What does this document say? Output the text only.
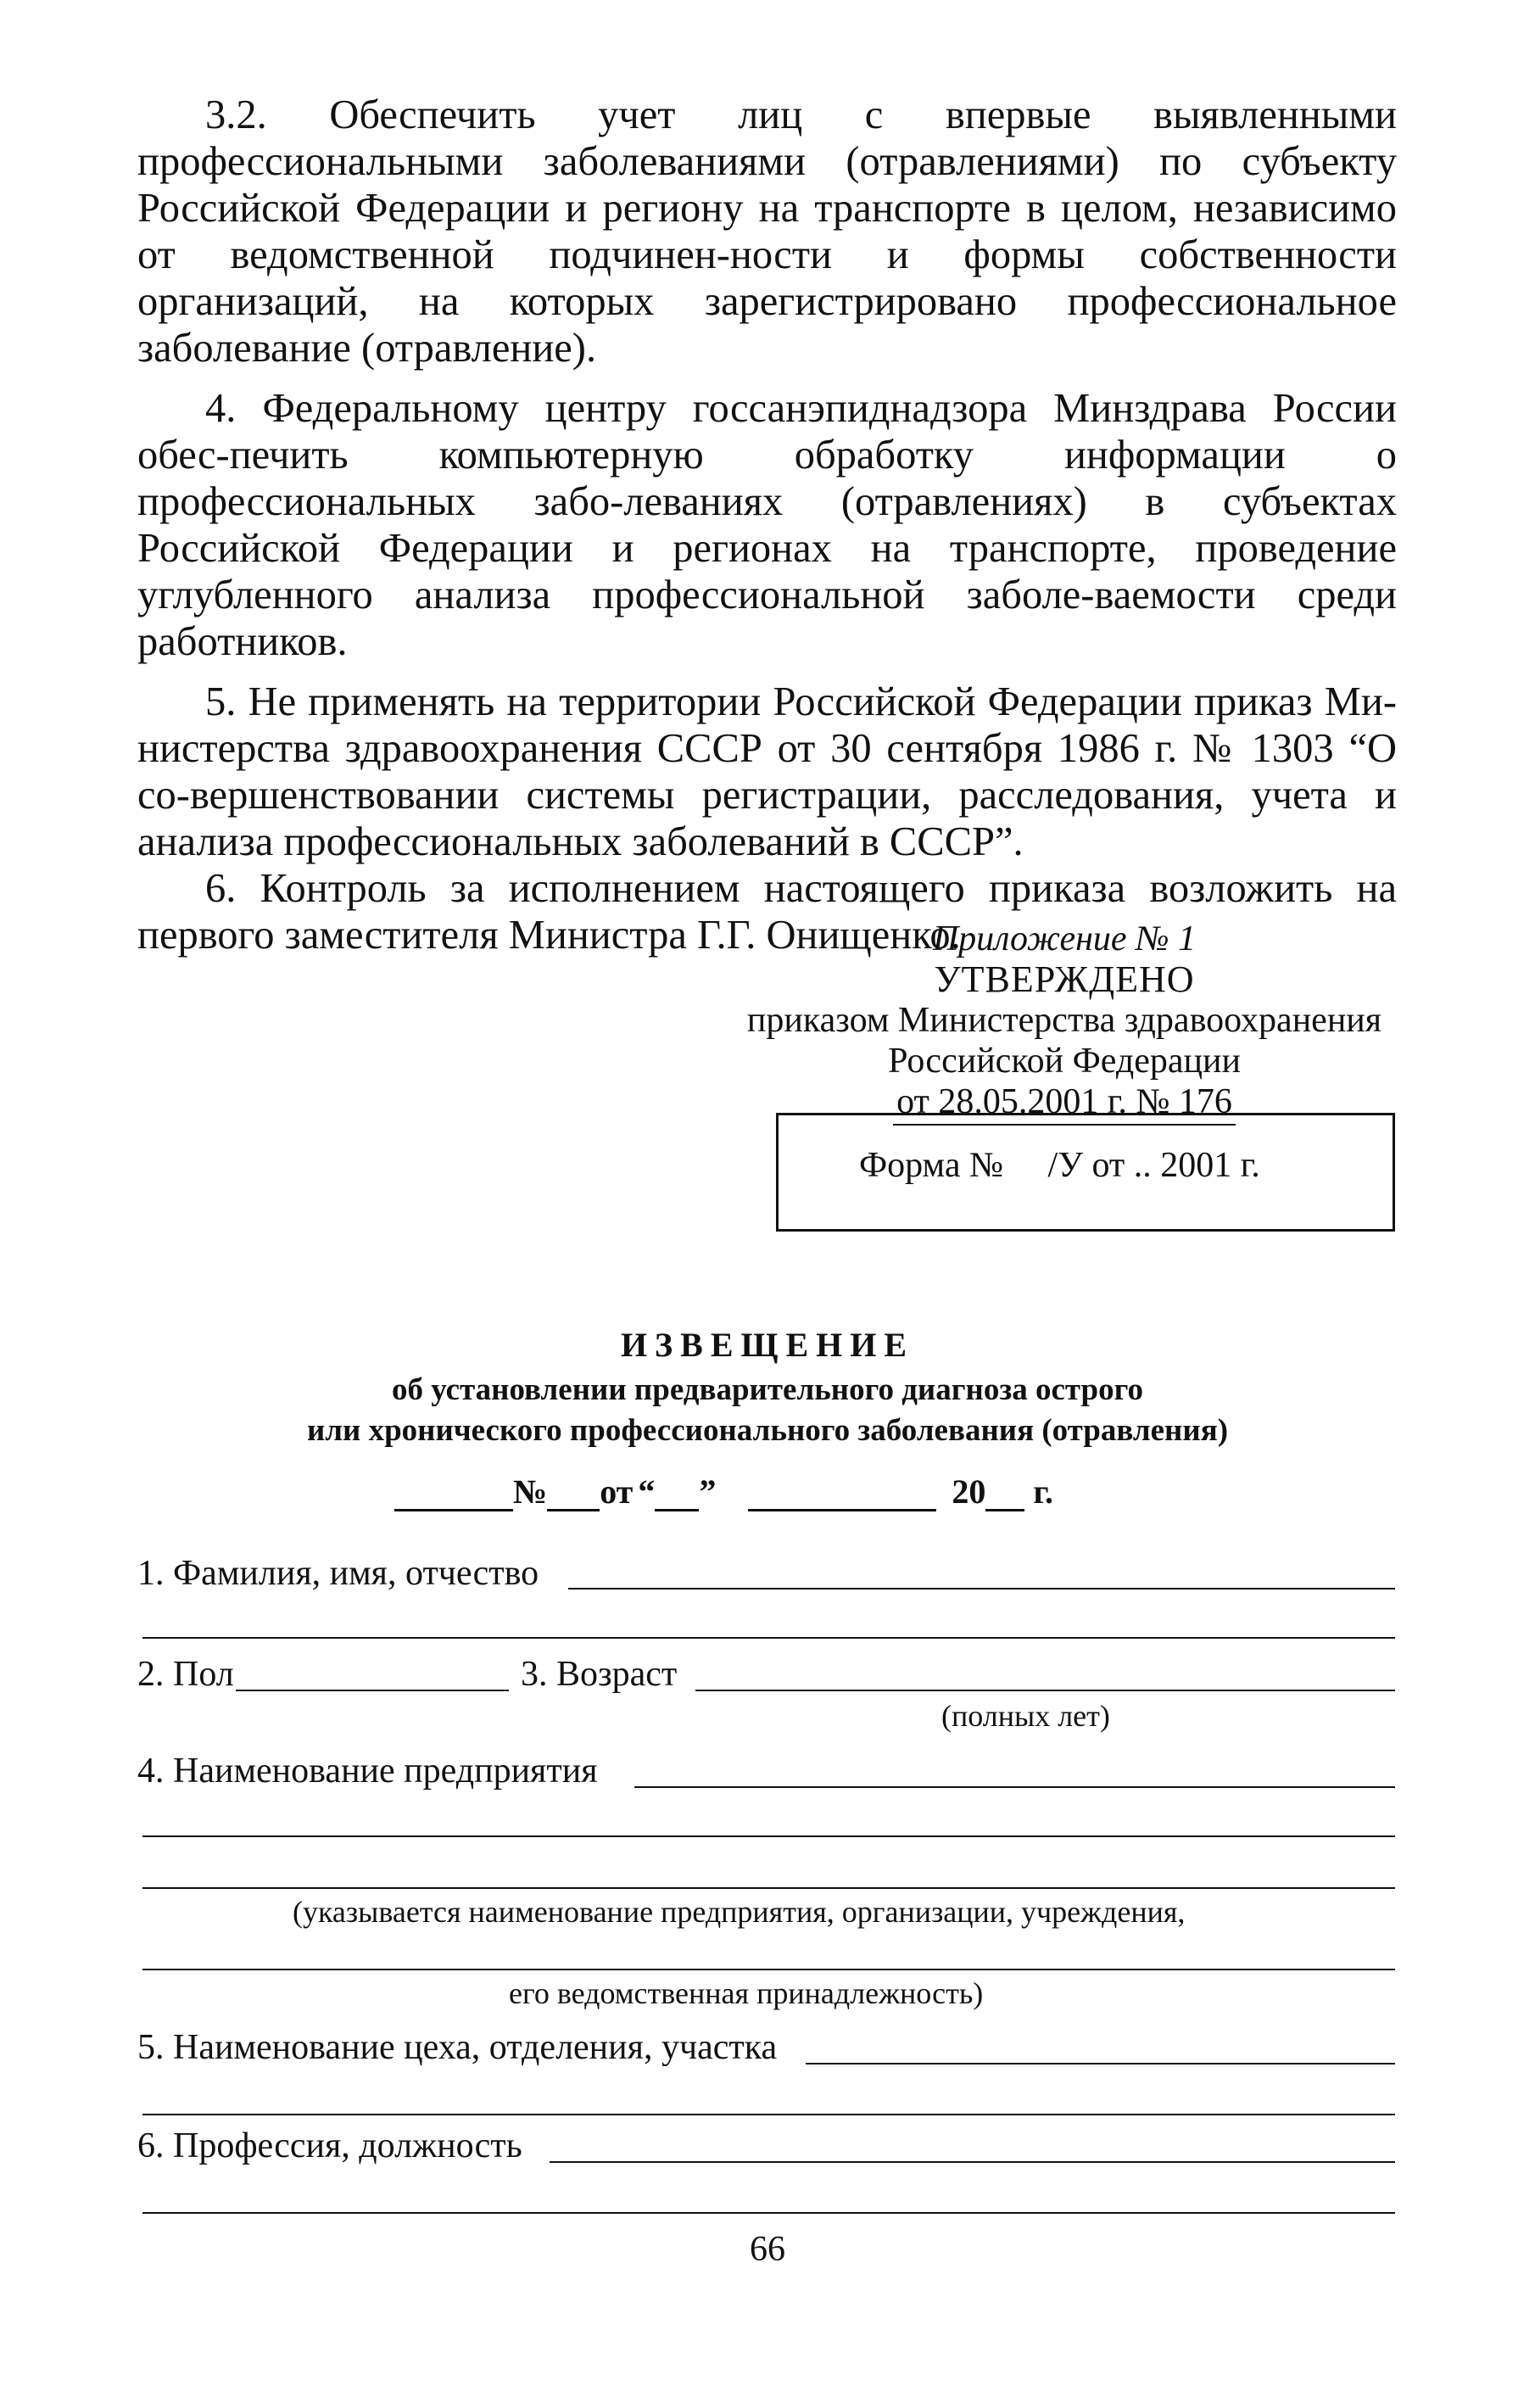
3.2. Обеспечить учет лиц с впервые выявленными профессиональными заболеваниями (отравлениями) по субъекту Российской Федерации и региону на транспорте в целом, независимо от ведомственной подчинен-ности и формы собственности организаций, на которых зарегистрировано профессиональное заболевание (отравление).

4. Федеральному центру госсанэпиднадзора Минздрава России обес-печить компьютерную обработку информации о профессиональных забо-леваниях (отравлениях) в субъектах Российской Федерации и регионах на транспорте, проведение углубленного анализа профессиональной заболе-ваемости среди работников.

5. Не применять на территории Российской Федерации приказ Ми-нистерства здравоохранения СССР от 30 сентября 1986 г. № 1303 “О со-вершенствовании системы регистрации, расследования, учета и анализа профессиональных заболеваний в СССР”.

6. Контроль за исполнением настоящего приказа возложить на первого заместителя Министра Г.Г. Онищенко.

Приложение № 1
УТВЕРЖДЕНО
приказом Министерства здравоохранения
Российской Федерации
от 28.05.2001 г. № 176
Форма №     /У от .. 2001 г.
ИЗВЕЩЕНИЕ
об установлении предварительного диагноза острого
или хронического профессионального заболевания (отравления)
№ от “ ”	20 г.
1. Фамилия, имя, отчество
2. Пол	3. Возраст
(полных лет)
4. Наименование предприятия
(указывается наименование предприятия, организации, учреждения,
его ведомственная принадлежность)
5. Наименование цеха, отделения, участка
6. Профессия, должность
66
